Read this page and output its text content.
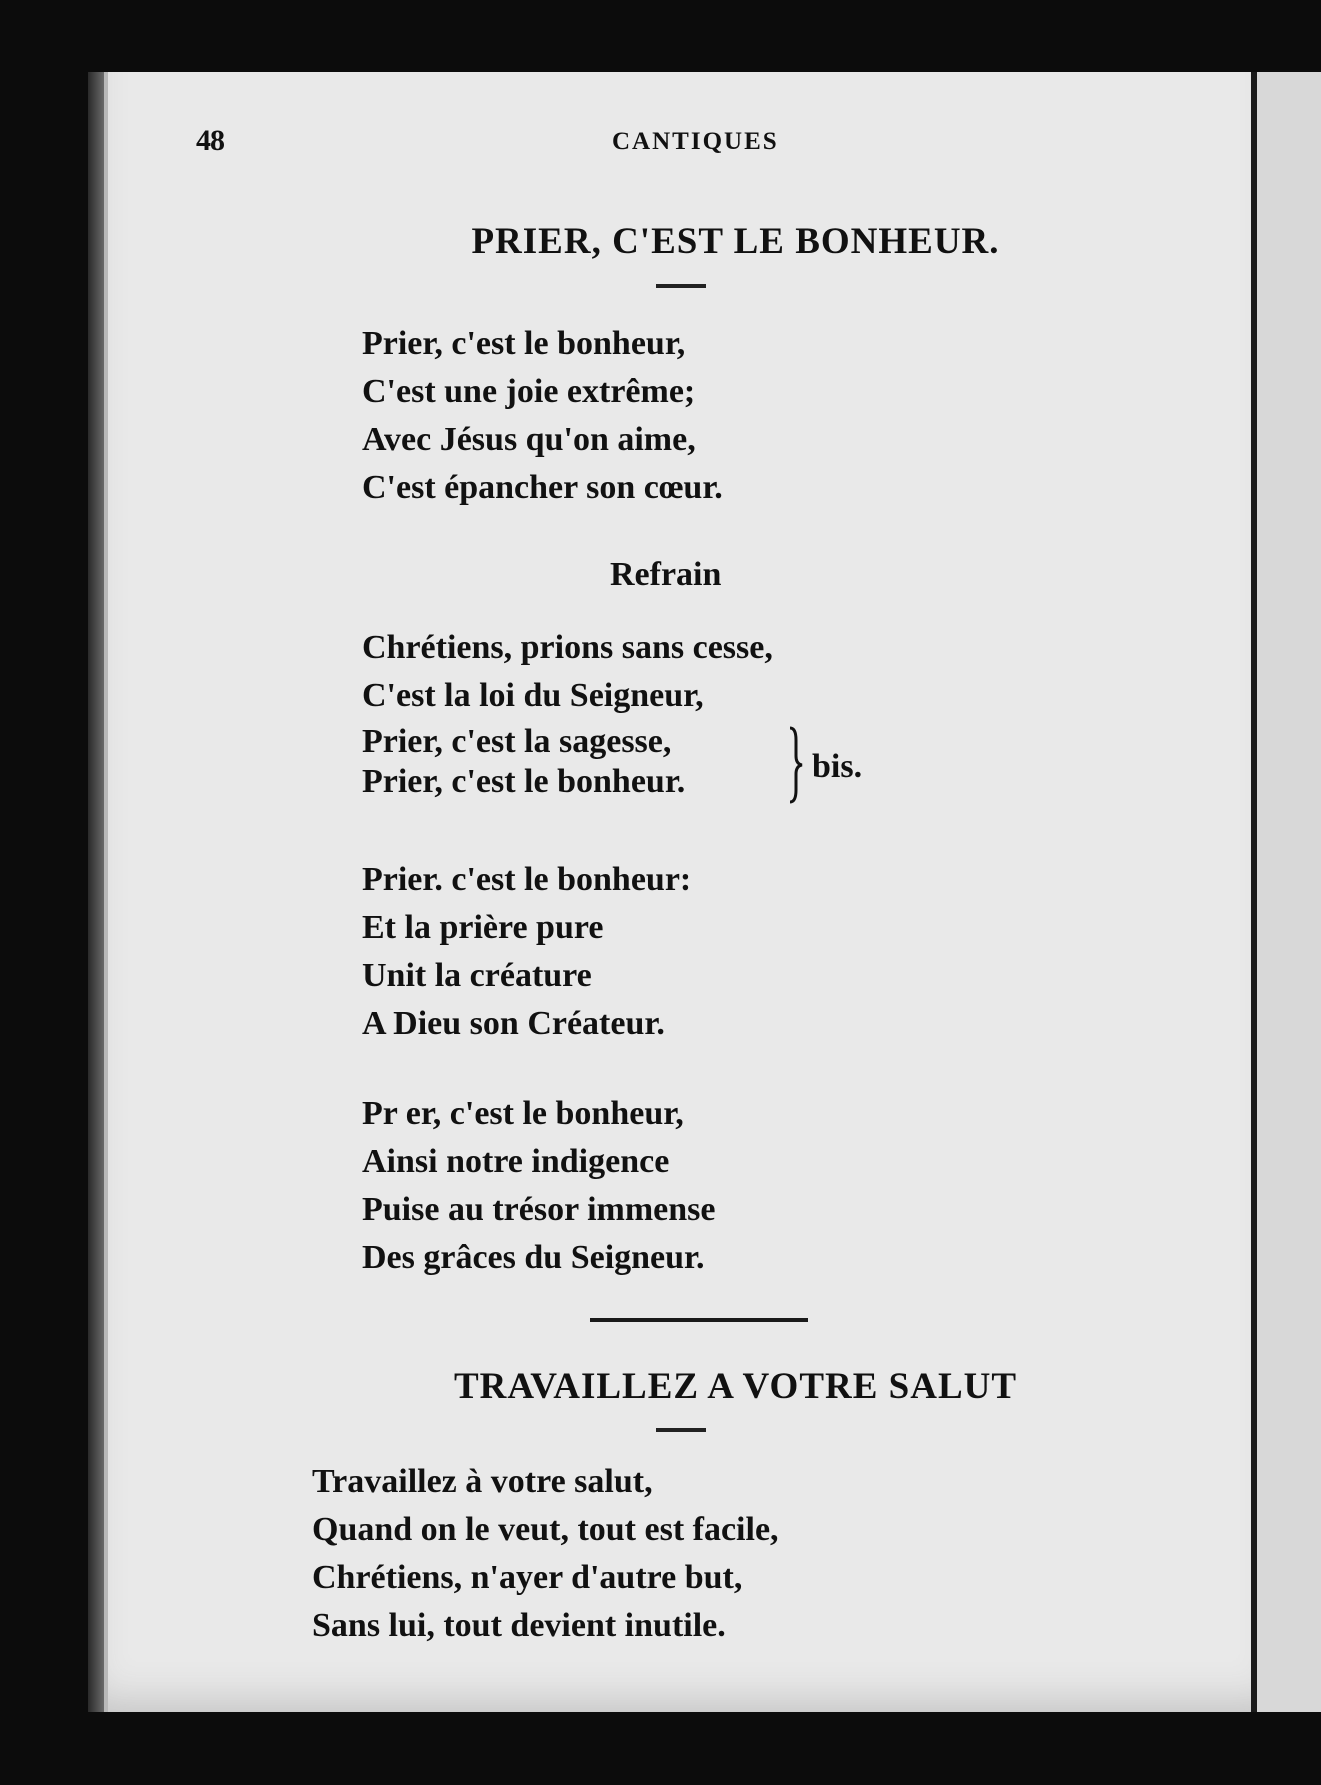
48	CANTIQUES
PRIER, C'EST LE BONHEUR.
Prier, c'est le bonheur,
C'est une joie extrême;
Avec Jésus qu'on aime,
C'est épancher son cœur.
Refrain
Chrétiens, prions sans cesse,
C'est la loi du Seigneur,
Prier, c'est la sagesse,
Prier, c'est le bonheur.	bis.
Prier. c'est le bonheur:
Et la prière pure
Unit la créature
A Dieu son Créateur.
Pr er, c'est le bonheur,
Ainsi notre indigence
Puise au trésor immense
Des grâces du Seigneur.
TRAVAILLEZ A VOTRE SALUT
Travaillez à votre salut,
Quand on le veut, tout est facile,
Chrétiens, n'ayer d'autre but,
Sans lui, tout devient inutile.
